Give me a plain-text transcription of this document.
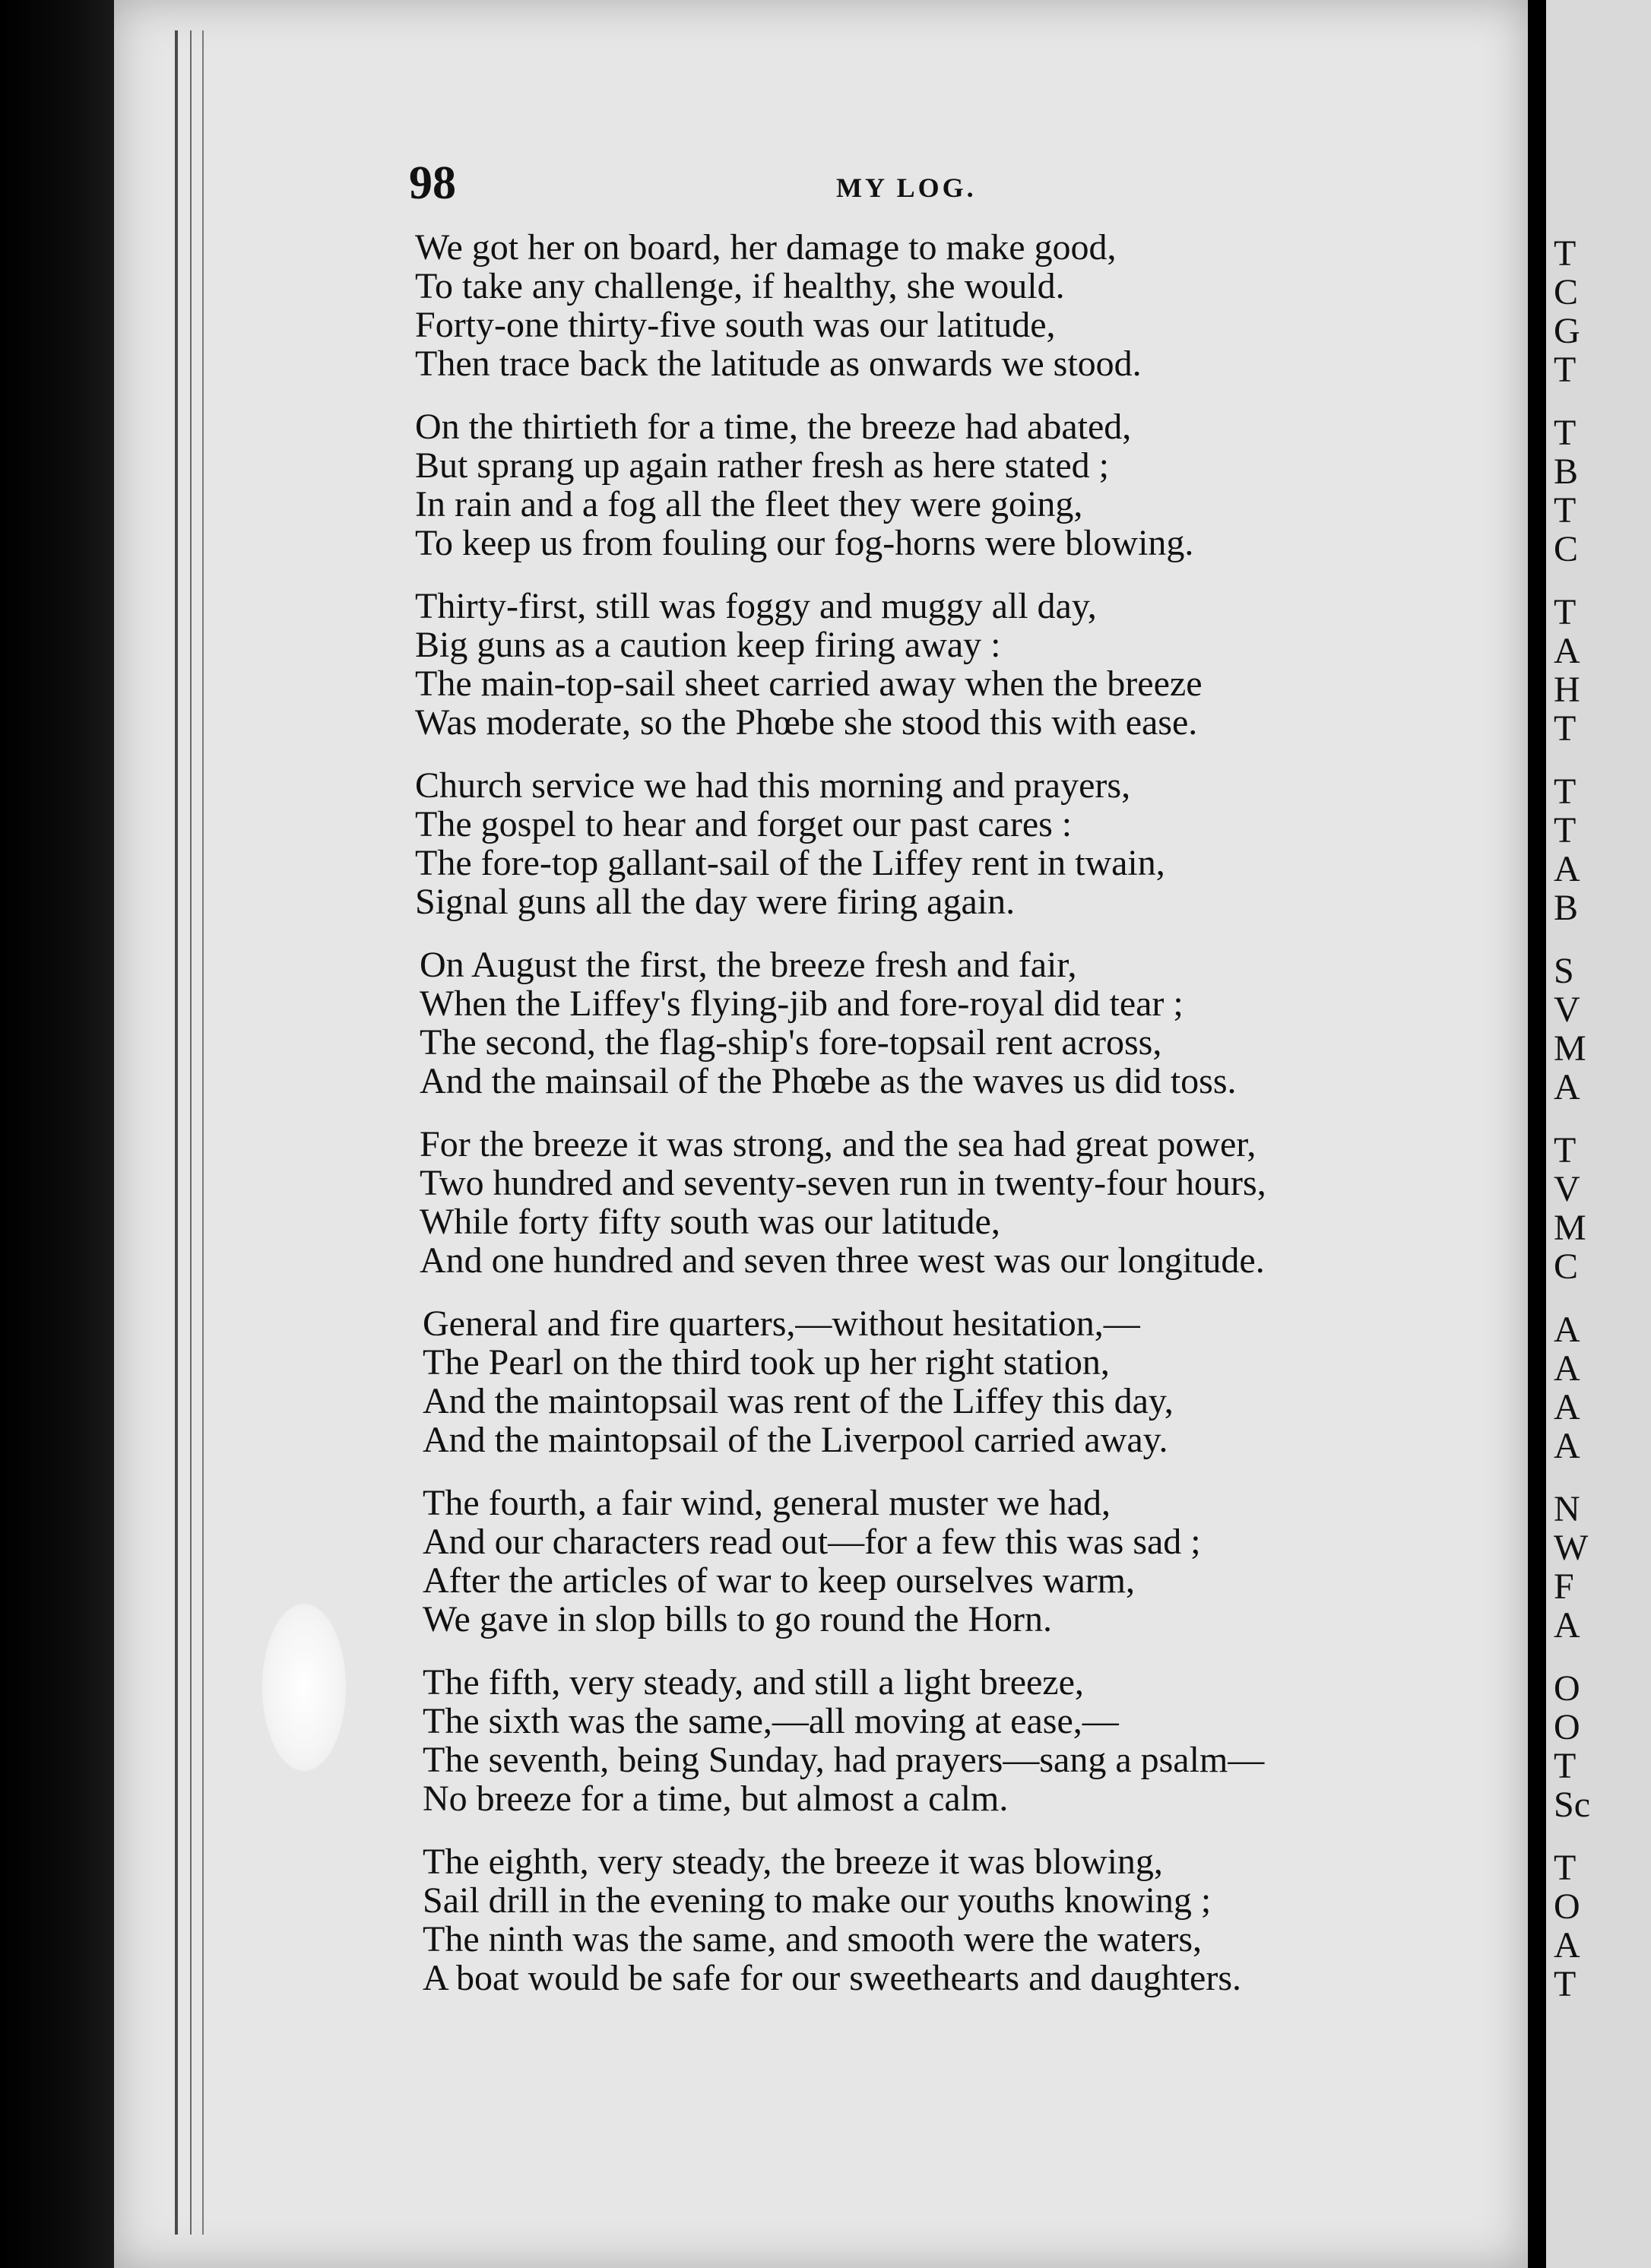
T
C
G
T
T
B
T
C
T
A
H
T
T
T
A
B
S
V
M
A
T
V
M
C
A
A
A
A
N
W
F
A
O
O
T
Sc
T
O
A
T
98	MY LOG.
We got her on board, her damage to make good,
To take any challenge, if healthy, she would.
Forty-one thirty-five south was our latitude,
Then trace back the latitude as onwards we stood.
On the thirtieth for a time, the breeze had abated,
But sprang up again rather fresh as here stated ;
In rain and a fog all the fleet they were going,
To keep us from fouling our fog-horns were blowing.
Thirty-first, still was foggy and muggy all day,
Big guns as a caution keep firing away :
The main-top-sail sheet carried away when the breeze
Was moderate, so the Phœbe she stood this with ease.
Church service we had this morning and prayers,
The gospel to hear and forget our past cares :
The fore-top gallant-sail of the Liffey rent in twain,
Signal guns all the day were firing again.
On August the first, the breeze fresh and fair,
When the Liffey's flying-jib and fore-royal did tear ;
The second, the flag-ship's fore-topsail rent across,
And the mainsail of the Phœbe as the waves us did toss.
For the breeze it was strong, and the sea had great power,
Two hundred and seventy-seven run in twenty-four hours,
While forty fifty south was our latitude,
And one hundred and seven three west was our longitude.
General and fire quarters,—without hesitation,—
The Pearl on the third took up her right station,
And the maintopsail was rent of the Liffey this day,
And the maintopsail of the Liverpool carried away.
The fourth, a fair wind, general muster we had,
And our characters read out—for a few this was sad ;
After the articles of war to keep ourselves warm,
We gave in slop bills to go round the Horn.
The fifth, very steady, and still a light breeze,
The sixth was the same,—all moving at ease,—
The seventh, being Sunday, had prayers—sang a psalm—
No breeze for a time, but almost a calm.
The eighth, very steady, the breeze it was blowing,
Sail drill in the evening to make our youths knowing ;
The ninth was the same, and smooth were the waters,
A boat would be safe for our sweethearts and daughters.
